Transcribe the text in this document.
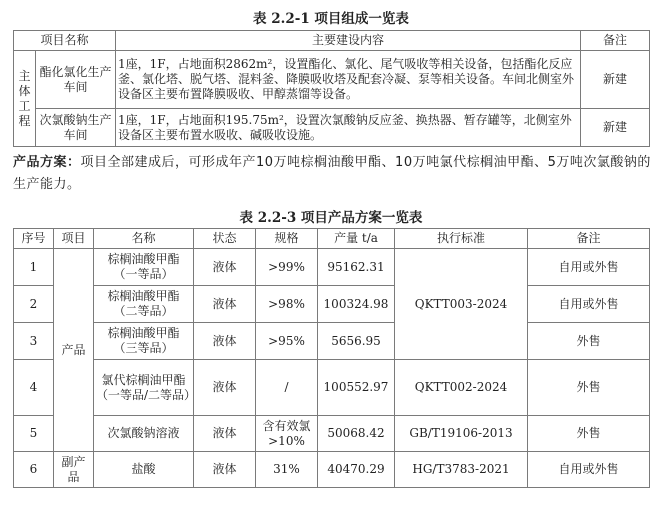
表 2.2-1 项目组成一览表
项目名称		主要建设内容	备注
主体工程	酯化氯化生产车间	1座，1F，占地面积2862m²，设置酯化、氯化、尾气吸收等相关设备，包括酯化反应釜、氯化塔、脱气塔、混料釜、降膜吸收塔及配套冷凝、泵等相关设备。车间北侧室外设备区主要布置降膜吸收、甲醇蒸馏等设备。	新建
	次氯酸钠生产车间	1座，1F，占地面积195.75m²，设置次氯酸钠反应釜、换热器、暂存罐等，北侧室外设备区主要布置水吸收、碱吸收设施。	新建
产品方案：项目全部建成后，可形成年产10万吨棕榈油酸甲酯、10万吨氯代棕榈油甲酯、5万吨次氯酸钠的生产能力。
表 2.2-3 项目产品方案一览表
序号	项目	名称	状态	规格	产量 t/a	执行标准	备注
1	产品	棕榈油酸甲酯（一等品）	液体	>99%	95162.31	QKTT003-2024	自用或外售
2		棕榈油酸甲酯（二等品）	液体	>98%	100324.98		自用或外售
3		棕榈油酸甲酯（三等品）	液体	>95%	5656.95		外售
4		氯代棕榈油甲酯（一等品/二等品）	液体	/	100552.97	QKTT002-2024	外售
5		次氯酸钠溶液	液体	含有效氯>10%	50068.42	GB/T19106-2013	外售
6	副产品	盐酸	液体	31%	40470.29	HG/T3783-2021	自用或外售
